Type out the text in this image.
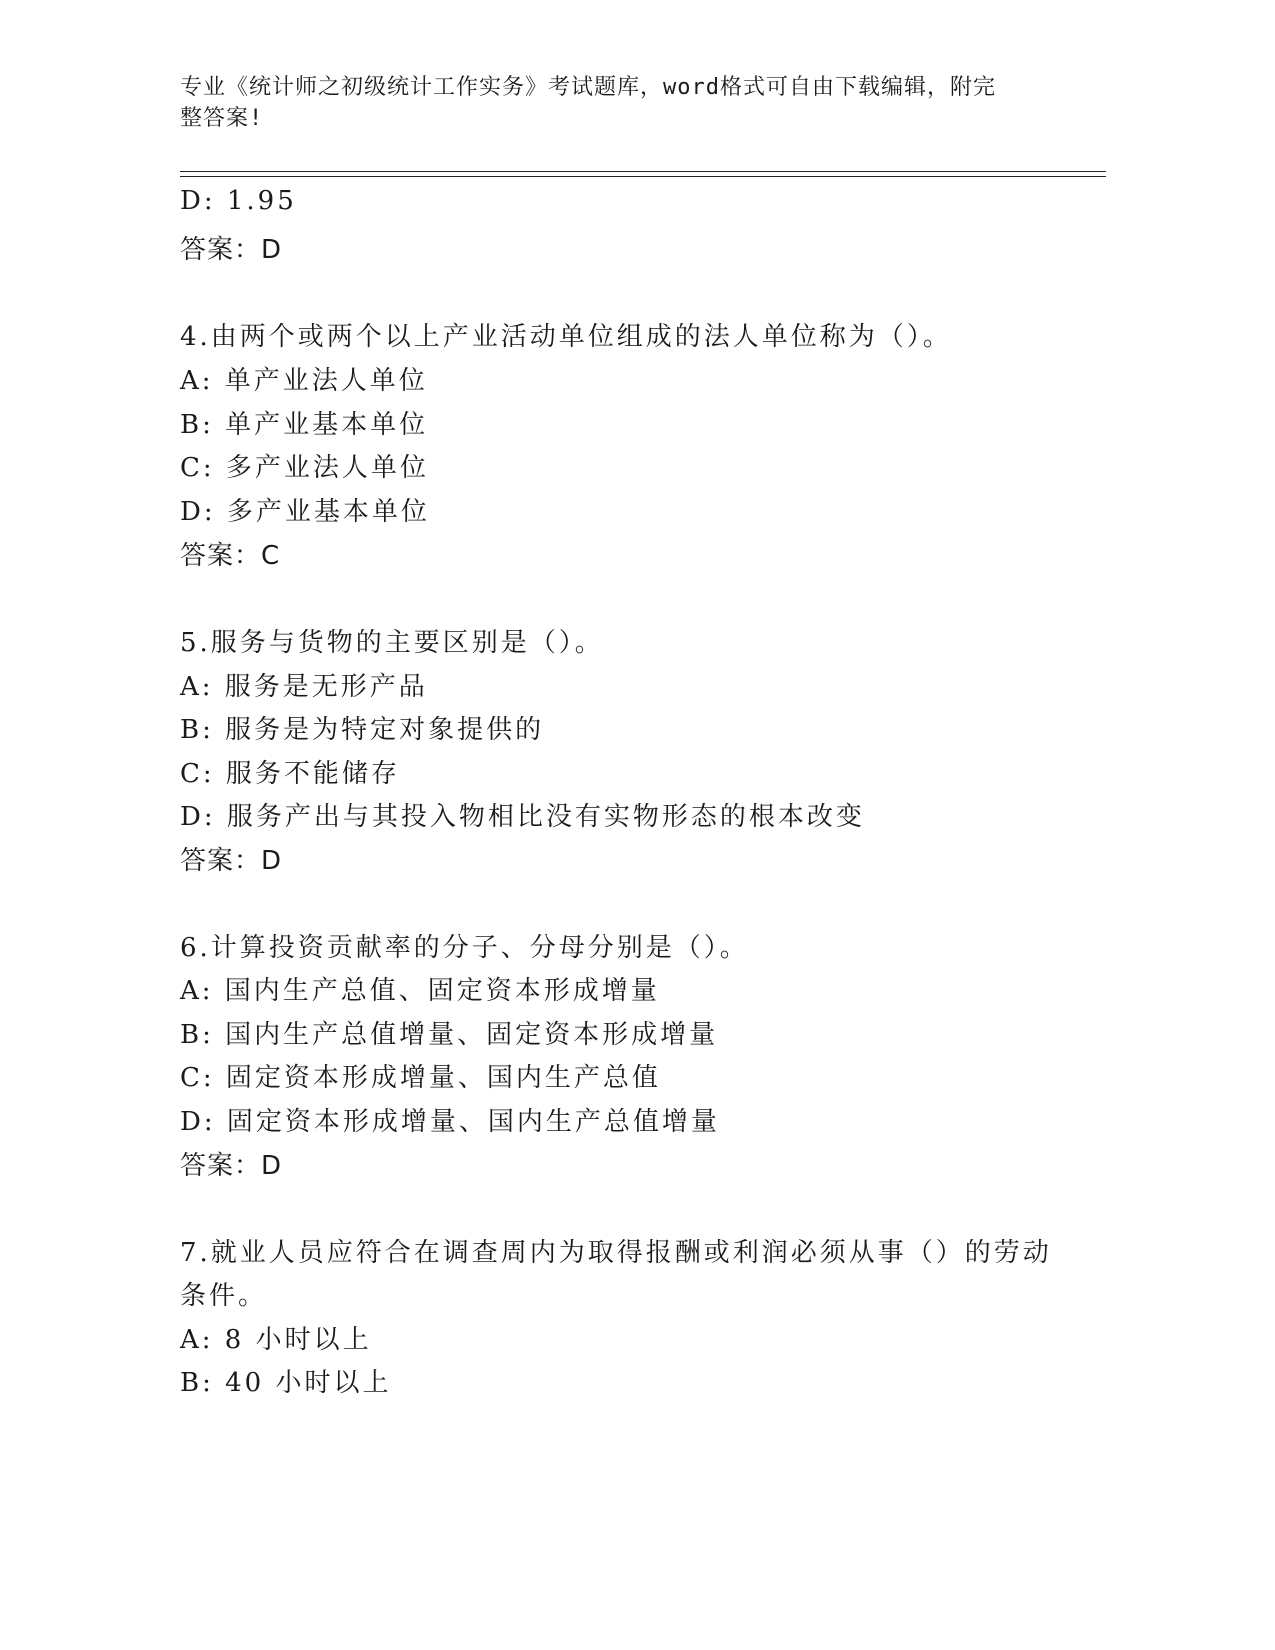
专业《统计师之初级统计工作实务》考试题库，word格式可自由下载编辑，附完
整答案!
D: 1.95
答案：D
4.由两个或两个以上产业活动单位组成的法人单位称为（）。
A: 单产业法人单位
B: 单产业基本单位
C: 多产业法人单位
D: 多产业基本单位
答案：C
5.服务与货物的主要区别是（）。
A: 服务是无形产品
B: 服务是为特定对象提供的
C: 服务不能储存
D: 服务产出与其投入物相比没有实物形态的根本改变
答案：D
6.计算投资贡献率的分子、分母分别是（）。
A: 国内生产总值、固定资本形成增量
B: 国内生产总值增量、固定资本形成增量
C: 固定资本形成增量、国内生产总值
D: 固定资本形成增量、国内生产总值增量
答案：D
7.就业人员应符合在调查周内为取得报酬或利润必须从事（）的劳动
条件。
A: 8 小时以上
B: 40 小时以上
